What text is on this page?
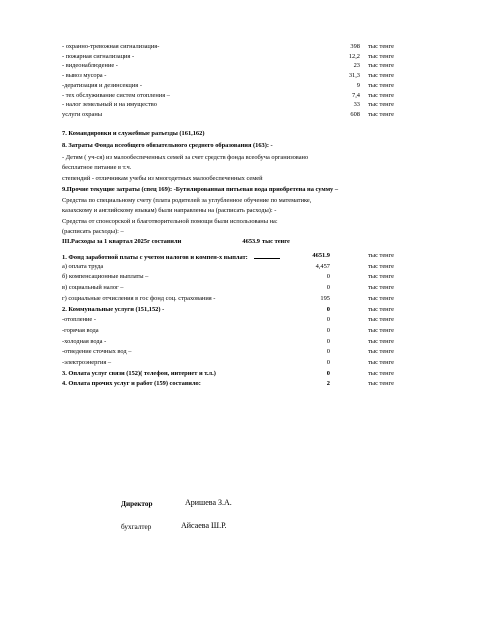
- охранно-тревожная сигнализация-	398 тыс тенге
- пожарная сигнализация -	12,2 тыс тенге
- видеонаблюдение -	23 тыс тенге
- вывоз мусора -	31,3 тыс тенге
-дератизация и дезинсекция -	9 тыс тенге
- тех обслуживание систем отопления –	7,4 тыс тенге
- налог земельный и на имущество	33 тыс тенге
услуги охраны	608 тыс тенге
7. Командировки и служебные разъезды (161,162)
8. Затраты Фонда всеобщего обязательного среднего образования (163): -
- Детям ( уч-ся) из малообеспеченных семей за счет средств фонда всеобуча организовано
бесплатное питание в т.ч.
степендий - отличникам учебы из многодетных малообеспеченных семей
9.Прочие текущие затраты (спец 169): -Бутилированная питьевая вода приобретена на сумму –
Средства по специальному счету (плата родителей за углубленное обучение по математике,
казахскому и английскому языкам) были направлены на (расписать расходы): -
Средства от спонсорской и благотворительной помощи были использованы на:
(расписать расходы): –
III.Расходы за 1 квартал 2025г составили	4653.9 тыс тенге
1. Фонд заработной платы с учетом налогов и компен-х выплат:	4651.9	тыс тенге
а) оплата труда	4,457	тыс тенге
б) компенсационные выплаты –	0	тыс тенге
в) социальный налог –	0	тыс тенге
г) социальные отчисления в гос фонд соц. страхования -	195	тыс тенге
2. Коммунальные услуги (151,152) -	0	тыс тенге
-отопление -	0	тыс тенге
-горячая вода	0	тыс тенге
-холодная вода -	0	тыс тенге
-отведение сточных вод –	0	тыс тенге
-электроэнергия –	0	тыс тенге
3. Оплата услуг связи (152)( телефон, интернет и т.л.)	0	тыс тенге
4. Оплата прочих услуг и работ (159) составило:	2	тыс тенге
Директор	Аришева З.А.
бухгалтер	Айсаева Ш.Р.
